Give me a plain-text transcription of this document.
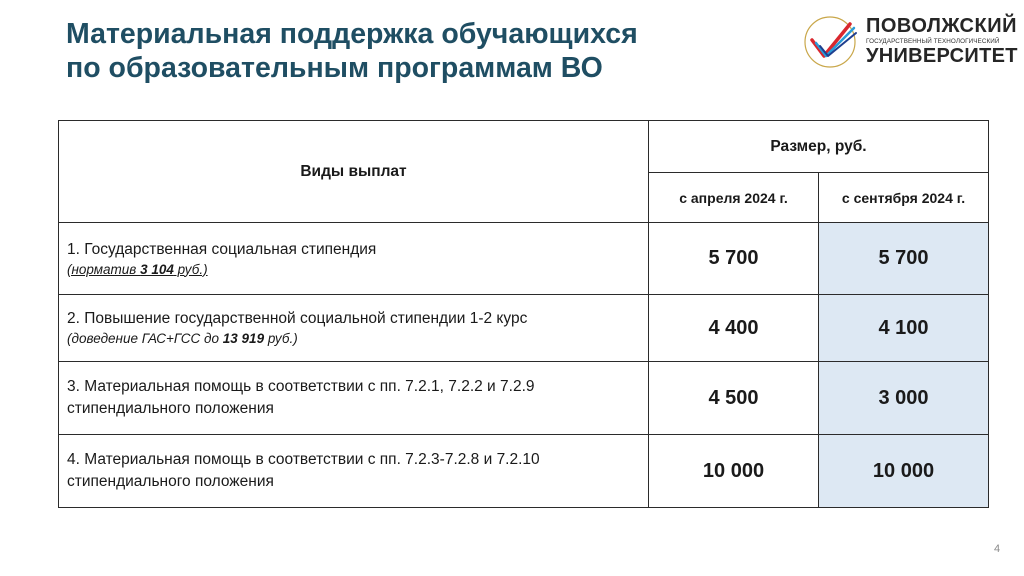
Материальная поддержка обучающихся
по образовательным программам ВО
ПОВОЛЖСКИЙ
ГОСУДАРСТВЕННЫЙ ТЕХНОЛОГИЧЕСКИЙ
УНИВЕРСИТЕТ
Виды выплат	Размер, руб.	
	с апреля 2024 г.	с сентября 2024 г.

1. Государственная социальная стипендия
(норматив 3 104 руб.)	5 700	5 700

2. Повышение государственной социальной стипендии 1-2 курс
(доведение ГАС+ГСС до 13 919 руб.)	4 400	4 100

3. Материальная помощь в соответствии с пп. 7.2.1, 7.2.2 и 7.2.9 стипендиального положения	4 500	3 000

4. Материальная помощь в соответствии с пп. 7.2.3-7.2.8 и 7.2.10 стипендиального положения	10 000	10 000
4
